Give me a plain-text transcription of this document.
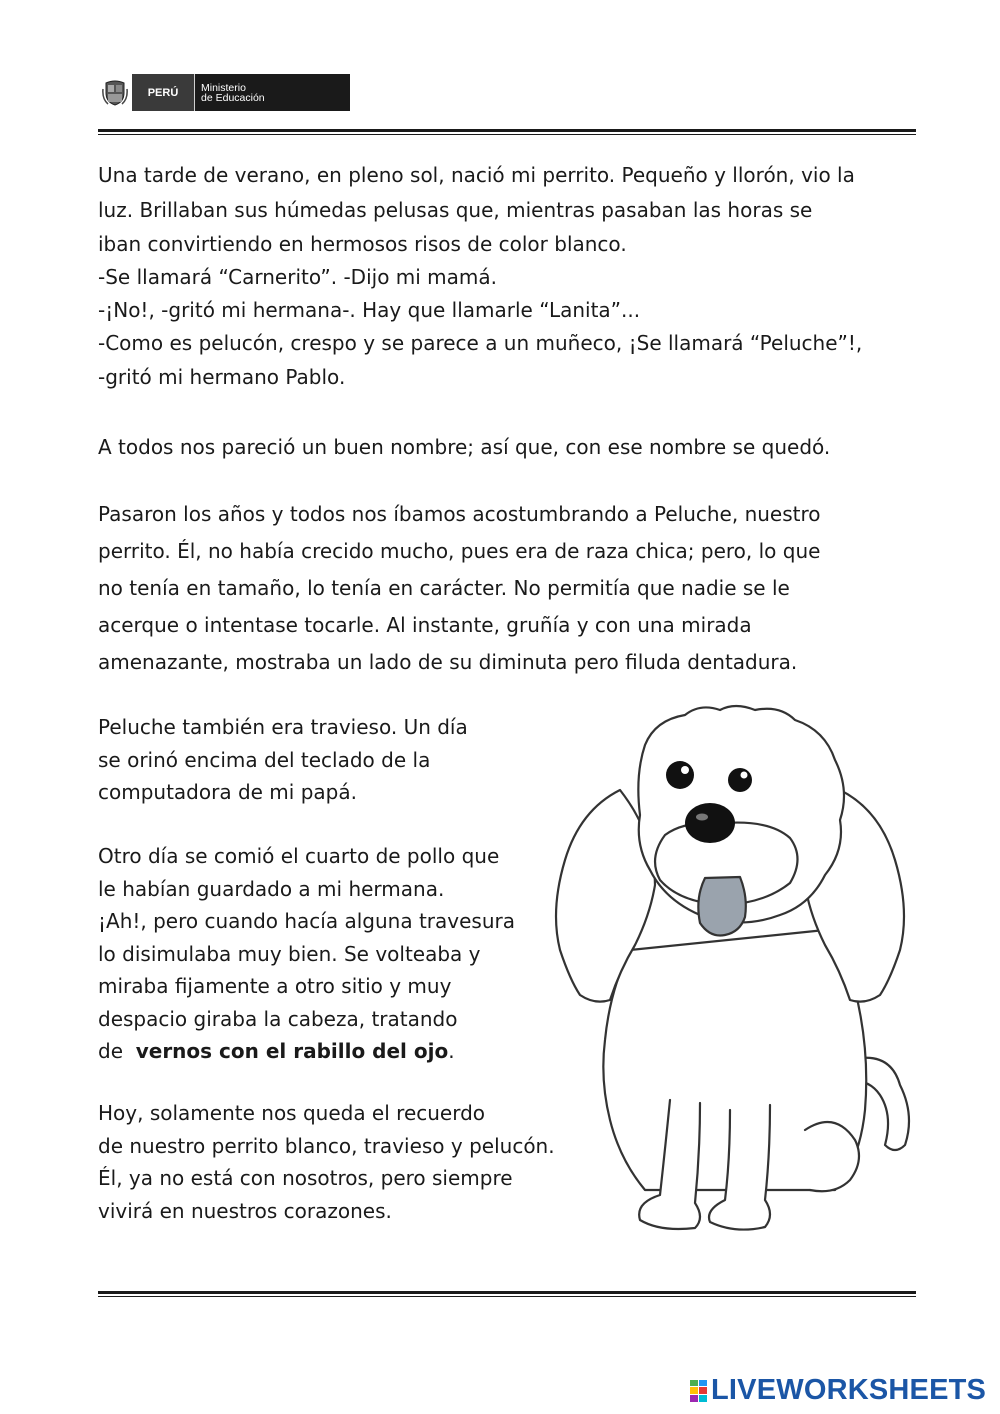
PERÚ	Ministerio
de Educación
Una tarde de verano, en pleno sol, nació mi perrito. Pequeño y llorón, vio la
luz. Brillaban sus húmedas pelusas que, mientras pasaban las horas se
iban convirtiendo en hermosos risos de color blanco.
-Se llamará “Carnerito”. -Dijo mi mamá.
-¡No!, -gritó mi hermana-. Hay que llamarle “Lanita”...
-Como es pelucón, crespo y se parece a un muñeco, ¡Se llamará “Peluche”!,
-gritó mi hermano Pablo.
A todos nos pareció un buen nombre; así que, con ese nombre se quedó.
Pasaron los años y todos nos íbamos acostumbrando a Peluche, nuestro
perrito. Él, no había crecido mucho, pues era de raza chica; pero, lo que
no tenía en tamaño, lo tenía en carácter. No permitía que nadie se le
acerque o intentase tocarle. Al instante, gruñía y con una mirada
amenazante, mostraba un lado de su diminuta pero filuda dentadura.
Peluche también era travieso. Un día
se orinó encima del teclado de la
computadora de mi papá.
Otro día se comió el cuarto de pollo que
le habían guardado a mi hermana.
¡Ah!, pero cuando hacía alguna travesura
lo disimulaba muy bien. Se volteaba y
miraba fijamente a otro sitio y muy
despacio giraba la cabeza, tratando
de  vernos con el rabillo del ojo.
Hoy, solamente nos queda el recuerdo
de nuestro perrito blanco, travieso y pelucón.
Él, ya no está con nosotros, pero siempre
vivirá en nuestros corazones.
LIVEWORKSHEETS
